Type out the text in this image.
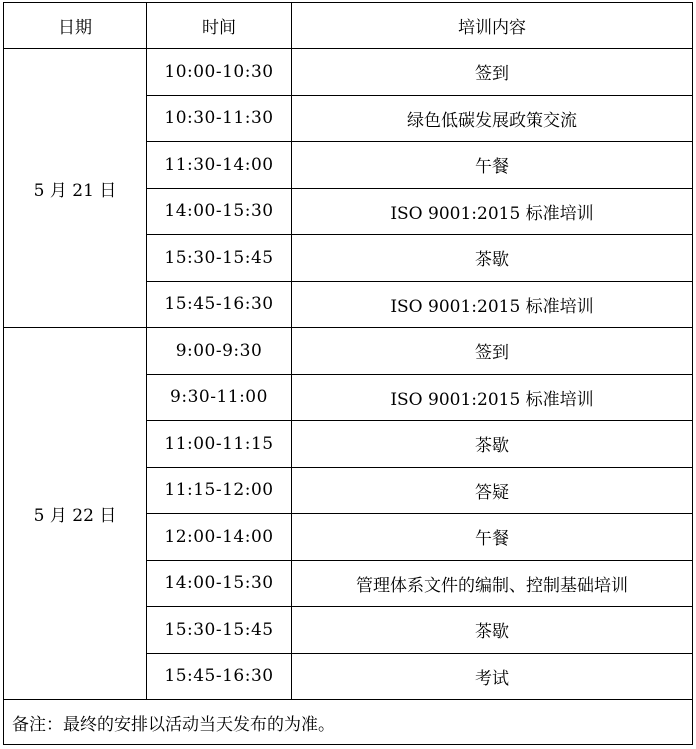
日期	时间	培训内容
5 月 21 日	10:00-10:30	签到
	10:30-11:30	绿色低碳发展政策交流
	11:30-14:00	午餐
	14:00-15:30	ISO 9001:2015 标准培训
	15:30-15:45	茶歇
	15:45-16:30	ISO 9001:2015 标准培训
5 月 22 日	9:00-9:30	签到
	9:30-11:00	ISO 9001:2015 标准培训
	11:00-11:15	茶歇
	11:15-12:00	答疑
	12:00-14:00	午餐
	14:00-15:30	管理体系文件的编制、控制基础培训
	15:30-15:45	茶歇
	15:45-16:30	考试
备注：最终的安排以活动当天发布的为准。		
